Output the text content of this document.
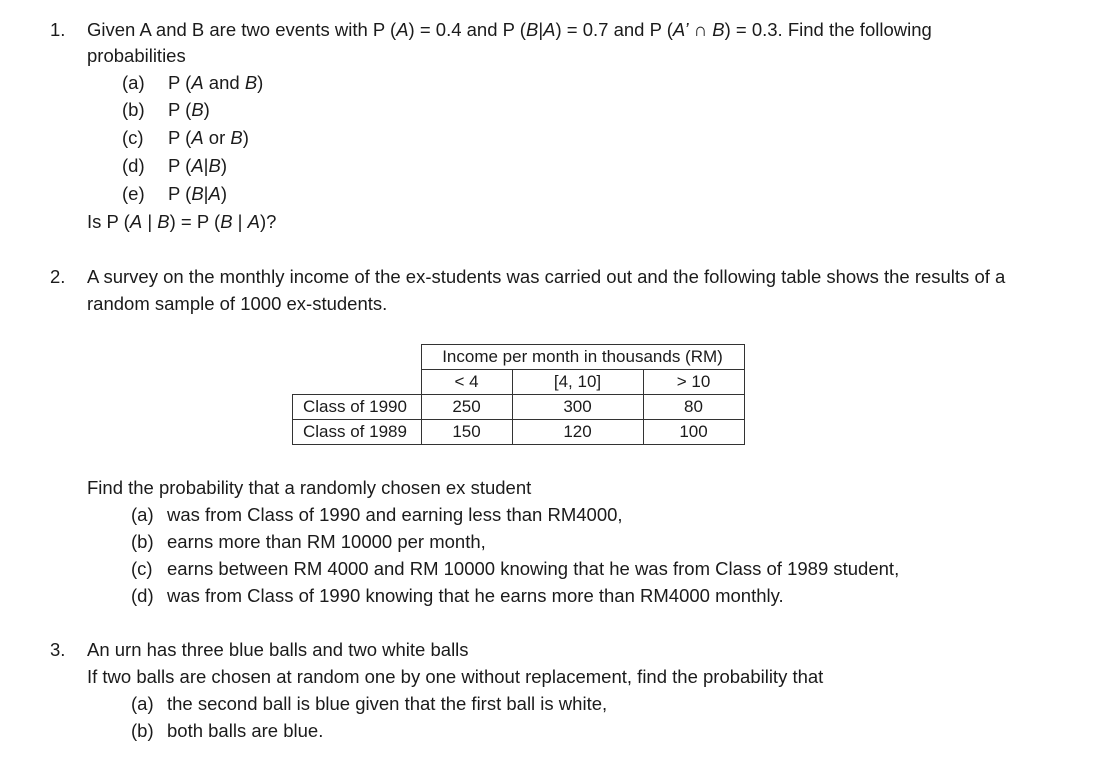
1. Given A and B are two events with P (A) = 0.4 and P (B|A) = 0.7 and P (A’ ∩ B) = 0.3. Find the following
probabilities
(a) P (A and B)
(b) P (B)
(c) P (A or B)
(d) P (A|B)
(e) P (B|A)
Is P (A | B) = P (B | A)?
2. A survey on the monthly income of the ex-students was carried out and the following table shows the results of a
random sample of 1000 ex-students.
	Income per month in thousands (RM)		
	< 4	[4, 10]	> 10
Class of 1990	250	300	80
Class of 1989	150	120	100
Find the probability that a randomly chosen ex student
(a) was from Class of 1990 and earning less than RM4000,
(b) earns more than RM 10000 per month,
(c) earns between RM 4000 and RM 10000 knowing that he was from Class of 1989 student,
(d) was from Class of 1990 knowing that he earns more than RM4000 monthly.
3. An urn has three blue balls and two white balls
If two balls are chosen at random one by one without replacement, find the probability that
(a) the second ball is blue given that the first ball is white,
(b) both balls are blue.
